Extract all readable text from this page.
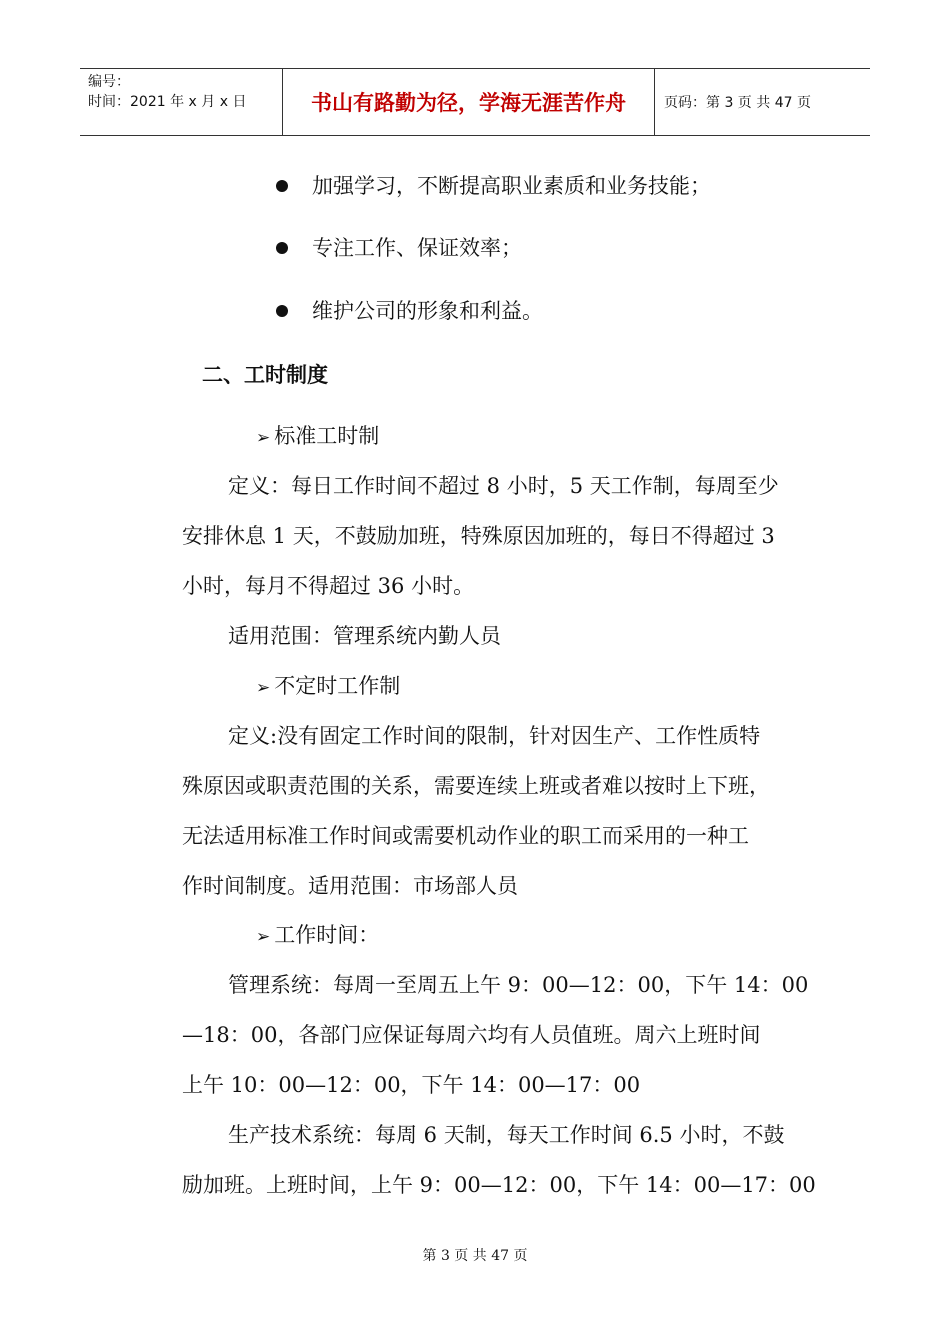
编号：
时间：2021 年 x 月 x 日	书山有路勤为径，学海无涯苦作舟	页码：第 3 页 共 47 页
加强学习，不断提高职业素质和业务技能；
专注工作、保证效率；
维护公司的形象和利益。
二、工时制度
➢ 标准工时制
定义：每日工作时间不超过 8 小时，5 天工作制，每周至少
安排休息 1 天，不鼓励加班，特殊原因加班的，每日不得超过 3
小时，每月不得超过 36 小时。
适用范围：管理系统内勤人员
➢ 不定时工作制
定义:没有固定工作时间的限制，针对因生产、工作性质特
殊原因或职责范围的关系，需要连续上班或者难以按时上下班，
无法适用标准工作时间或需要机动作业的职工而采用的一种工
作时间制度。适用范围：市场部人员
➢ 工作时间：
管理系统：每周一至周五上午 9：00—12：00，下午 14：00
—18：00，各部门应保证每周六均有人员值班。周六上班时间
上午 10：00—12：00，下午 14：00—17：00
生产技术系统：每周 6 天制，每天工作时间 6.5 小时，不鼓
励加班。上班时间，上午 9：00—12：00，下午 14：00—17：00
第 3 页 共 47 页
